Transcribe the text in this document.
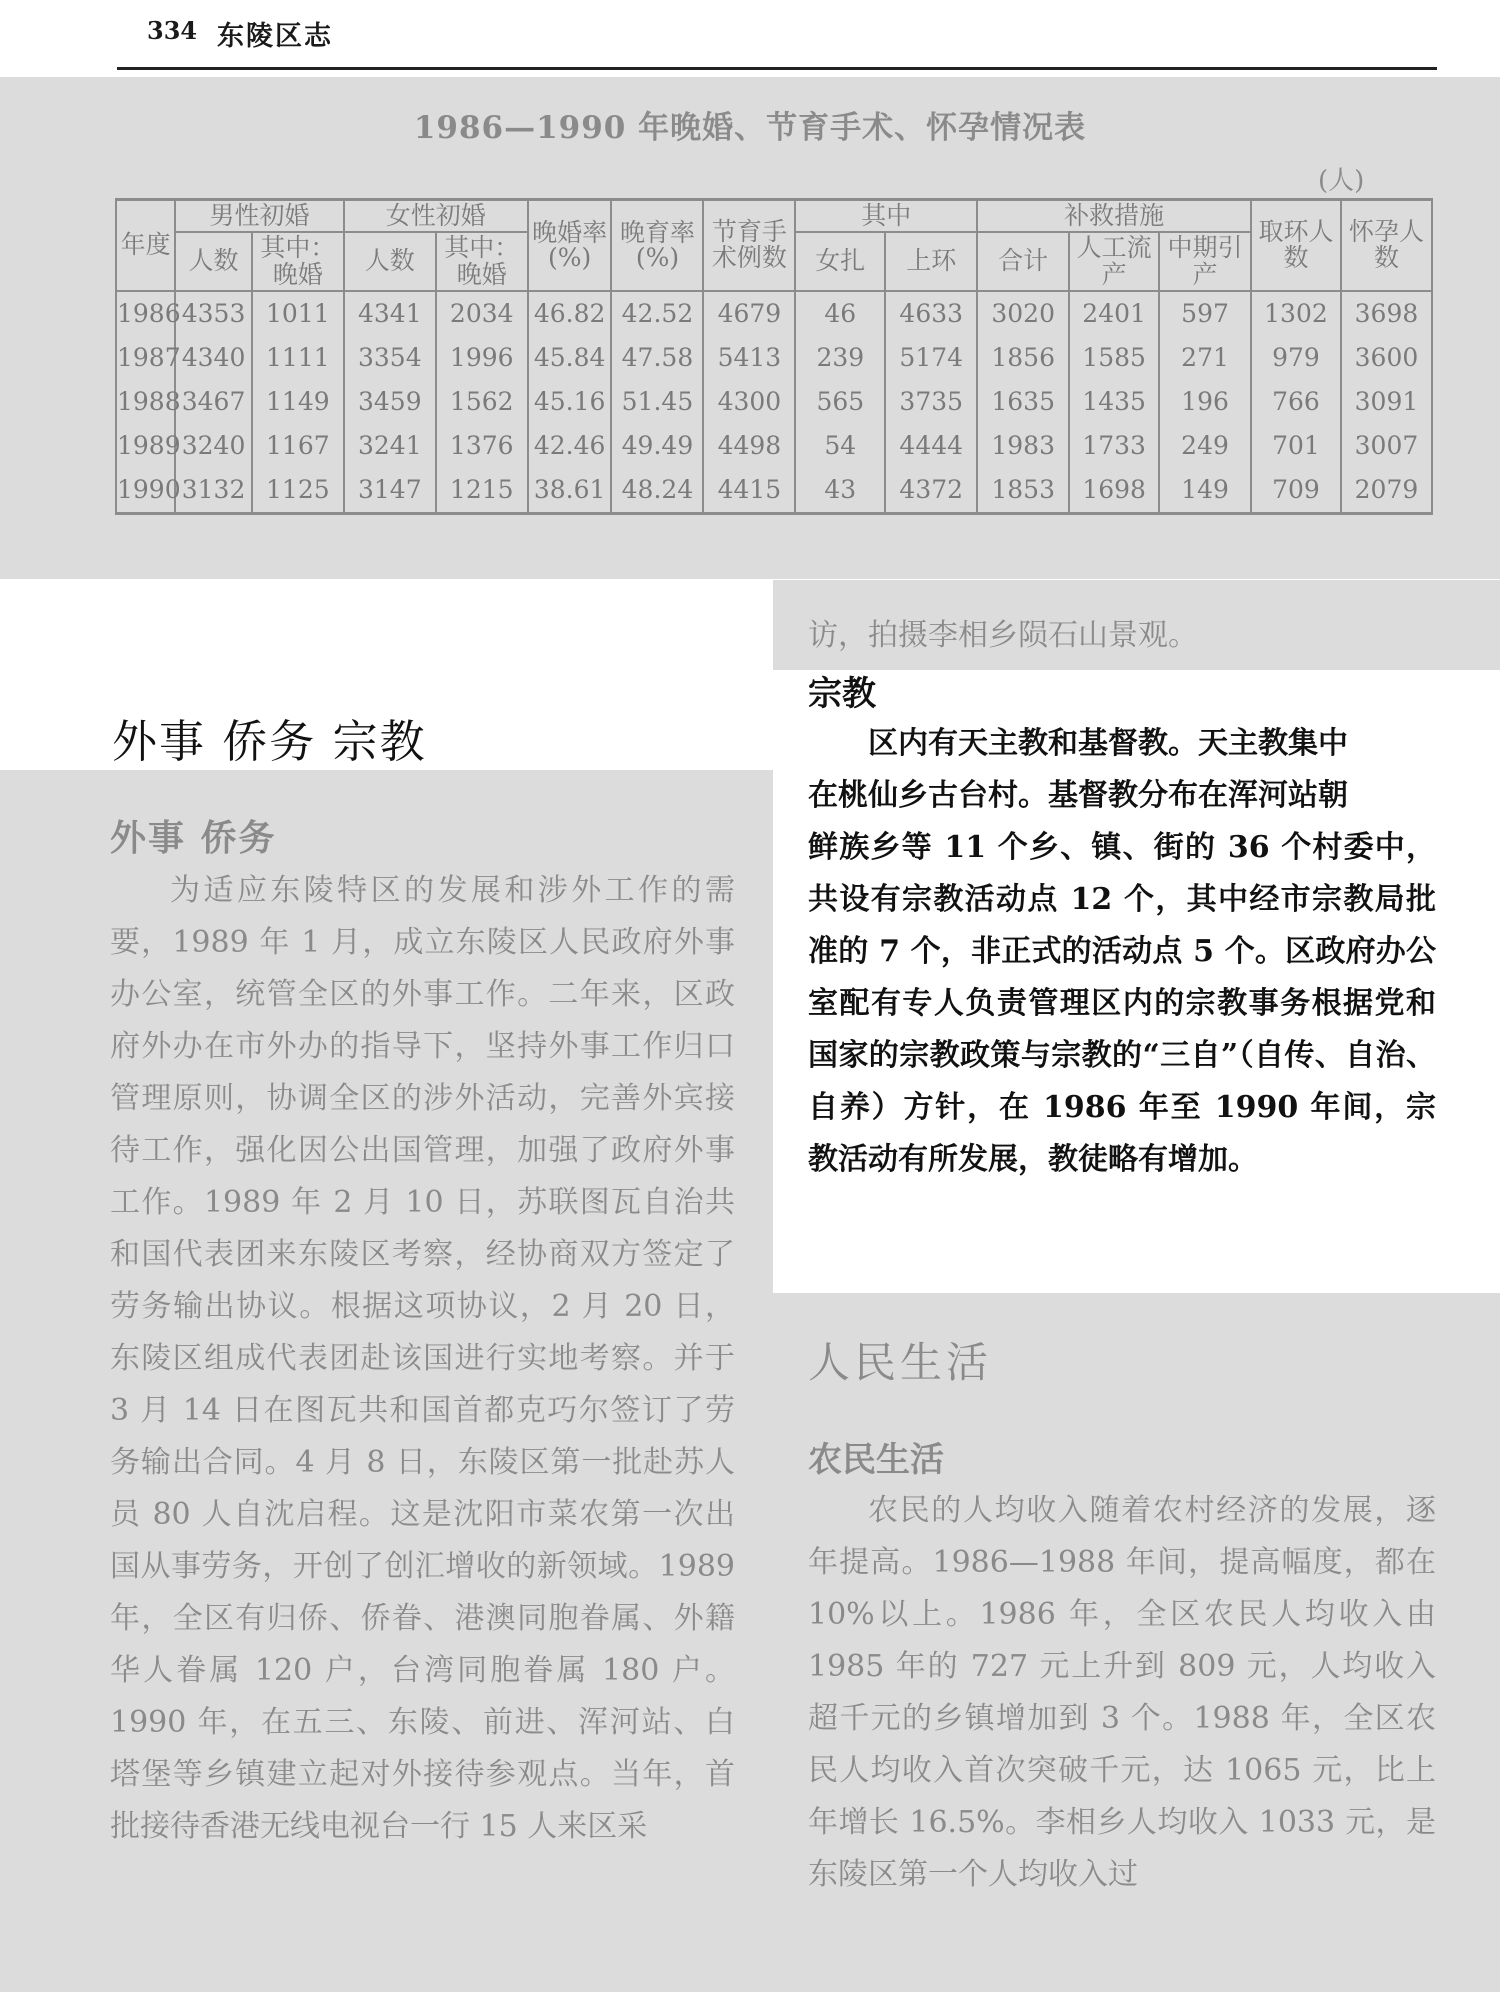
334 东陵区志
1986—1990 年晚婚、节育手术、怀孕情况表
(人)
年度	男性初婚		女性初婚		晚婚率(%)	晚育率(%)	节育手术例数	其中		补救措施			取环人数	怀孕人数
	人数	其中：晚婚	人数	其中：晚婚				女扎	上环	合计	人工流产	中期引产		
1986	4353	1011	4341	2034	46.82	42.52	4679	46	4633	3020	2401	597	1302	3698
1987	4340	1111	3354	1996	45.84	47.58	5413	239	5174	1856	1585	271	979	3600
1988	3467	1149	3459	1562	45.16	51.45	4300	565	3735	1635	1435	196	766	3091
1989	3240	1167	3241	1376	42.46	49.49	4498	54	4444	1983	1733	249	701	3007
1990	3132	1125	3147	1215	38.61	48.24	4415	43	4372	1853	1698	149	709	2079
外事 侨务 宗教
外事 侨务

为适应东陵特区的发展和涉外工作的需要，1989 年 1 月，成立东陵区人民政府外事办公室，统管全区的外事工作。二年来，区政府外办在市外办的指导下，坚持外事工作归口管理原则，协调全区的涉外活动，完善外宾接待工作，强化因公出国管理，加强了政府外事工作。1989 年 2 月 10 日，苏联图瓦自治共和国代表团来东陵区考察，经协商双方签定了劳务输出协议。根据这项协议，2 月 20 日，东陵区组成代表团赴该国进行实地考察。并于 3 月 14 日在图瓦共和国首都克巧尔签订了劳务输出合同。4 月 8 日，东陵区第一批赴苏人员 80 人自沈启程。这是沈阳市菜农第一次出国从事劳务，开创了创汇增收的新领域。1989 年，全区有归侨、侨眷、港澳同胞眷属、外籍华人眷属 120 户，台湾同胞眷属 180 户。1990 年，在五三、东陵、前进、浑河站、白塔堡等乡镇建立起对外接待参观点。当年，首批接待香港无线电视台一行 15 人来区采

访，拍摄李相乡陨石山景观。
宗教

区内有天主教和基督教。天主教集中

在桃仙乡古台村。基督教分布在浑河站朝

鲜族乡等 11 个乡、镇、街的 36 个村委中，共设有宗教活动点 12 个，其中经市宗教局批准的 7 个，非正式的活动点 5 个。区政府办公室配有专人负责管理区内的宗教事务根据党和国家的宗教政策与宗教的“三自”（自传、自治、自养）方针，在 1986 年至 1990 年间，宗教活动有所发展，教徒略有增加。

人民生活
农民生活

农民的人均收入随着农村经济的发展，逐年提高。1986—1988 年间，提高幅度，都在 10%以上。1986 年，全区农民人均收入由 1985 年的 727 元上升到 809 元，人均收入超千元的乡镇增加到 3 个。1988 年，全区农民人均收入首次突破千元，达 1065 元，比上年增长 16.5%。李相乡人均收入 1033 元，是东陵区第一个人均收入过
